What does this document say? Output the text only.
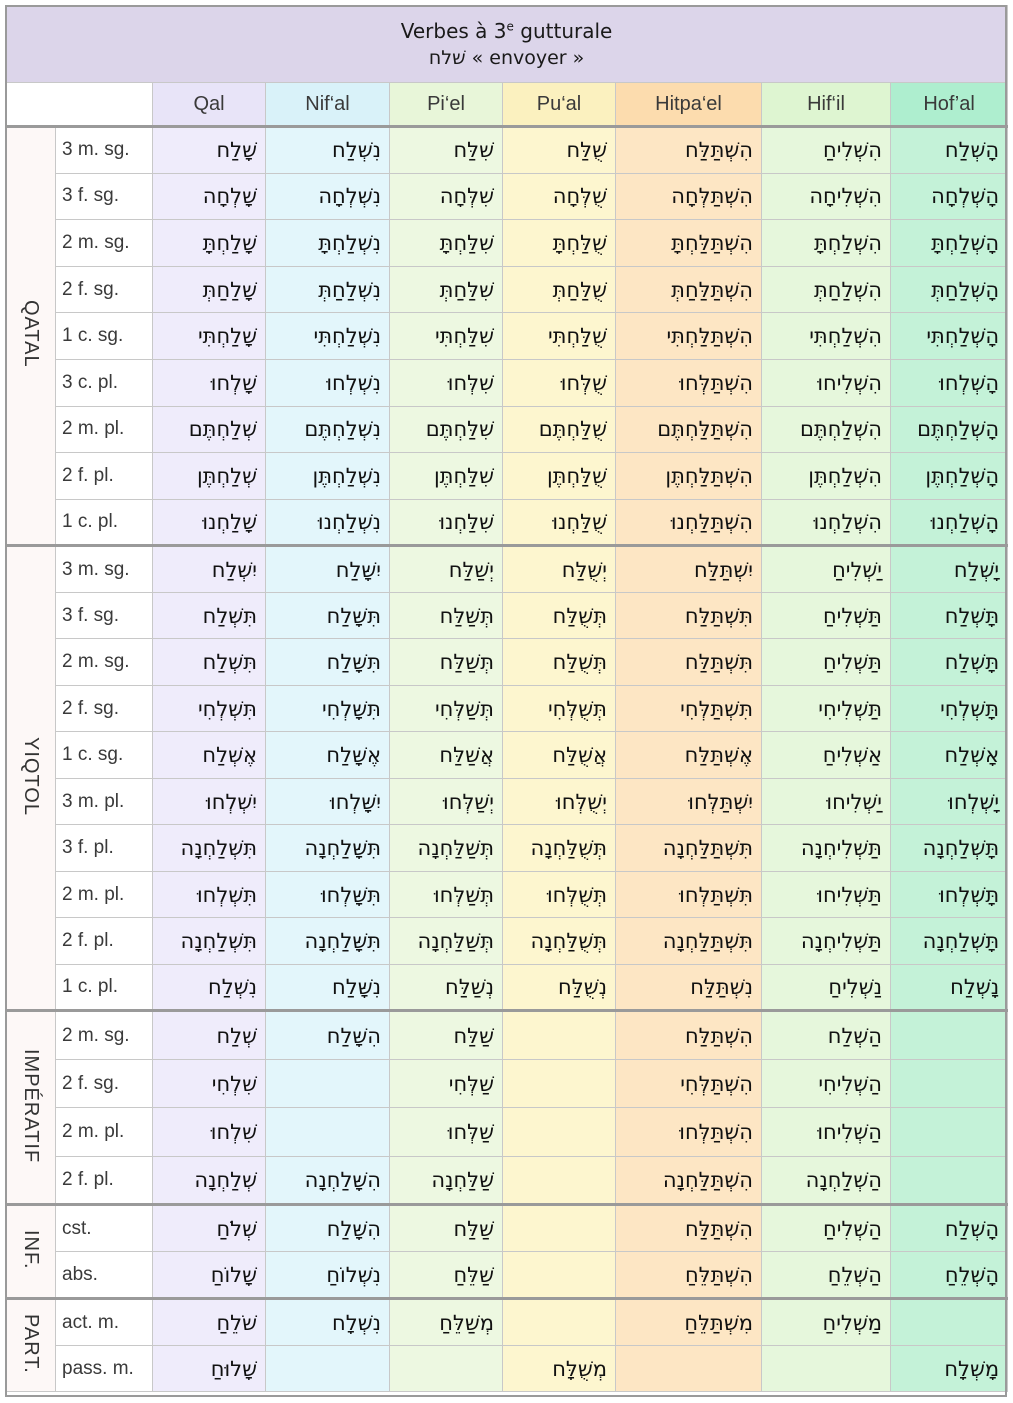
Verbes à 3e gutturale
שׁלח « envoyer »								

		Qal	Nif‘al	Pi‘el	Pu‘al	Hitpa‘el	Hif‘il	Hof’al
QATAL	3 m. sg.	שָׁלַח	נִשְׁלַח	שִׁלַּח	שֻׁלַּח	הִשְׁתַּלַּח	הִשְׁלִיחַ	הָשְׁלַח
	3 f. sg.	שָׁלְחָה	נִשְׁלְחָה	שִׁלְּחָה	שֻׁלְּחָה	הִשְׁתַּלְּחָה	הִשְׁלִיחָה	הָשְׁלְחָה
	2 m. sg.	שָׁלַחְתָּ	נִשְׁלַחְתָּ	שִׁלַּחְתָּ	שֻׁלַּחְתָּ	הִשְׁתַּלַּחְתָּ	הִשְׁלַחְתָּ	הָשְׁלַחְתָּ
	2 f. sg.	שָׁלַחַתְּ	נִשְׁלַחַתְּ	שִׁלַּחַתְּ	שֻׁלַּחַתְּ	הִשְׁתַּלַּחַתְּ	הִשְׁלַחַתְּ	הָשְׁלַחַתְּ
	1 c. sg.	שָׁלַחְתִּי	נִשְׁלַחְתִּי	שִׁלַּחְתִּי	שֻׁלַּחְתִּי	הִשְׁתַּלַּחְתִּי	הִשְׁלַחְתִּי	הָשְׁלַחְתִּי
	3 c. pl.	שָׁלְחוּ	נִשְׁלְחוּ	שִׁלְּחוּ	שֻׁלְּחוּ	הִשְׁתַּלְּחוּ	הִשְׁלִיחוּ	הָשְׁלְחוּ
	2 m. pl.	שְׁלַחְתֶּם	נִשְׁלַחְתֶּם	שִׁלַּחְתֶּם	שֻׁלַּחְתֶּם	הִשְׁתַּלַּחְתֶּם	הִשְׁלַחְתֶּם	הָשְׁלַחְתֶּם
	2 f. pl.	שְׁלַחְתֶּן	נִשְׁלַחְתֶּן	שִׁלַּחְתֶּן	שֻׁלַּחְתֶּן	הִשְׁתַּלַּחְתֶּן	הִשְׁלַחְתֶּן	הָשְׁלַחְתֶּן
	1 c. pl.	שָׁלַחְנוּ	נִשְׁלַחְנוּ	שִׁלַּחְנוּ	שֻׁלַּחְנוּ	הִשְׁתַּלַּחְנוּ	הִשְׁלַחְנוּ	הָשְׁלַחְנוּ
YIQTOL	3 m. sg.	יִשְׁלַח	יִשָּׁלַח	יְשַׁלַּח	יְשֻׁלַּח	יִשְׁתַּלַּח	יַשְׁלִיחַ	יָשְׁלַח
	3 f. sg.	תִּשְׁלַח	תִּשָּׁלַח	תְּשַׁלַּח	תְּשֻׁלַּח	תִּשְׁתַּלַּח	תַּשְׁלִיחַ	תָּשְׁלַח
	2 m. sg.	תִּשְׁלַח	תִּשָּׁלַח	תְּשַׁלַּח	תְּשֻׁלַּח	תִּשְׁתַּלַּח	תַּשְׁלִיחַ	תָּשְׁלַח
	2 f. sg.	תִּשְׁלְחִי	תִּשָּׁלְחִי	תְּשַׁלְּחִי	תְּשֻׁלְּחִי	תִּשְׁתַּלְּחִי	תַּשְׁלִיחִי	תָּשְׁלְחִי
	1 c. sg.	אֶשְׁלַח	אֶשָּׁלַח	אֲשַׁלַּח	אֲשֻׁלַּח	אֶשְׁתַּלַּח	אַשְׁלִיחַ	אָשְׁלַח
	3 m. pl.	יִשְׁלְחוּ	יִשָּׁלְחוּ	יְשַׁלְּחוּ	יְשֻׁלְּחוּ	יִשְׁתַּלְּחוּ	יַשְׁלִיחוּ	יָשְׁלְחוּ
	3 f. pl.	תִּשְׁלַחְנָה	תִּשָּׁלַחְנָה	תְּשַׁלַּחְנָה	תְּשֻׁלַּחְנָה	תִּשְׁתַּלַּחְנָה	תַּשְׁלִיחְנָה	תָּשְׁלַחְנָה
	2 m. pl.	תִּשְׁלְחוּ	תִּשָּׁלְחוּ	תְּשַׁלְּחוּ	תְּשֻׁלְּחוּ	תִּשְׁתַּלְּחוּ	תַּשְׁלִיחוּ	תָּשְׁלְחוּ
	2 f. pl.	תִּשְׁלַחְנָה	תִּשָּׁלַחְנָה	תְּשַׁלַּחְנָה	תְּשֻׁלַּחְנָה	תִּשְׁתַּלַּחְנָה	תַּשְׁלִיחְנָה	תָּשְׁלַחְנָה
	1 c. pl.	נִשְׁלַח	נִשָּׁלַח	נְשַׁלַּח	נְשֻׁלַּח	נִשְׁתַּלַּח	נַשְׁלִיחַ	נָשְׁלַח
IMPÉRATIF	2 m. sg.	שְׁלַח	הִשָּׁלַח	שַׁלַּח		הִשְׁתַּלַּח	הַשְׁלַח	
	2 f. sg.	שִׁלְחִי		שַׁלְּחִי		הִשְׁתַּלְּחִי	הַשְׁלִיחִי	
	2 m. pl.	שִׁלְחוּ		שַׁלְּחוּ		הִשְׁתַּלְּחוּ	הַשְׁלִיחוּ	
	2 f. pl.	שְׁלַחְנָה	הִשָּׁלַחְנָה	שַׁלַּחְנָה		הִשְׁתַּלַּחְנָה	הַשְׁלַחְנָה	
INF.	cst.	שְׁלֹחַ	הִשָּׁלַח	שַׁלַּח		הִשְׁתַּלַּח	הַשְׁלִיחַ	הָשְׁלַח
	abs.	שָׁלוֹחַ	נִשְׁלוֹחַ	שַׁלֵּחַ		הִשְׁתַּלֵּחַ	הַשְׁלֵחַ	הָשְׁלֵחַ
PART.	act. m.	שֹׁלֵחַ	נִשְׁלָח	מְשַׁלֵּחַ		מִשְׁתַּלֵּחַ	מַשְׁלִיחַ	
	pass. m.	שָׁלוּחַ			מְשֻׁלָּח			מָשְׁלָח
